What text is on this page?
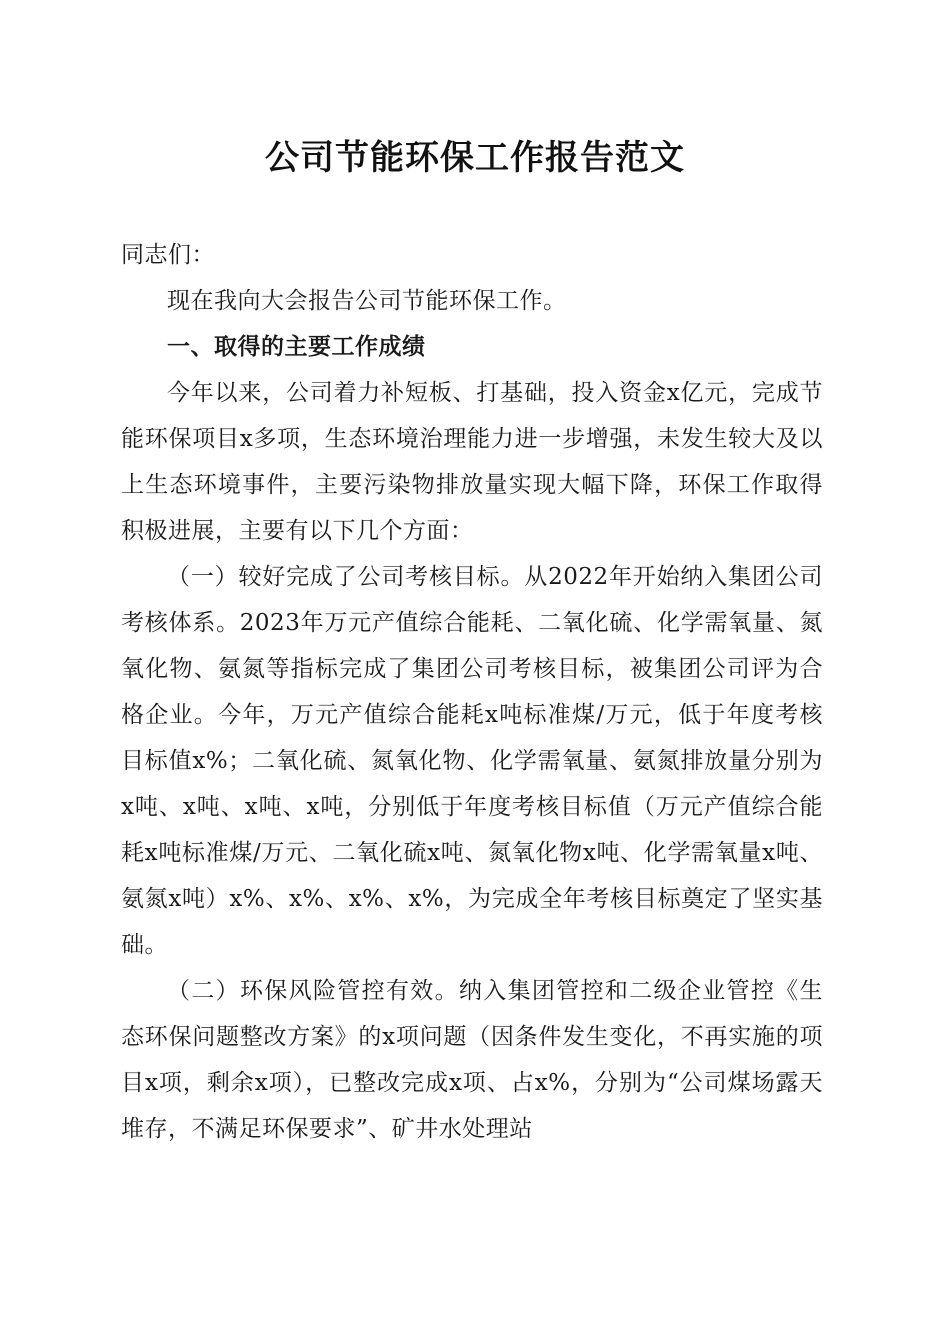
公司节能环保工作报告范文

同志们：

现在我向大会报告公司节能环保工作。

一、取得的主要工作成绩

今年以来，公司着力补短板、打基础，投入资金x亿元，完成节能环保项目x多项，生态环境治理能力进一步增强，未发生较大及以上生态环境事件，主要污染物排放量实现大幅下降，环保工作取得积极进展，主要有以下几个方面：

（一）较好完成了公司考核目标。从2022年开始纳入集团公司考核体系。2023年万元产值综合能耗、二氧化硫、化学需氧量、氮氧化物、氨氮等指标完成了集团公司考核目标，被集团公司评为合格企业。今年，万元产值综合能耗x吨标准煤/万元，低于年度考核目标值x%；二氧化硫、氮氧化物、化学需氧量、氨氮排放量分别为x吨、x吨、x吨、x吨，分别低于年度考核目标值（万元产值综合能耗x吨标准煤/万元、二氧化硫x吨、氮氧化物x吨、化学需氧量x吨、氨氮x吨）x%、x%、x%、x%，为完成全年考核目标奠定了坚实基础。

（二）环保风险管控有效。纳入集团管控和二级企业管控《生态环保问题整改方案》的x项问题（因条件发生变化，不再实施的项目x项，剩余x项），已整改完成x项、占x%，分别为“公司煤场露天堆存，不满足环保要求”、矿井水处理站
